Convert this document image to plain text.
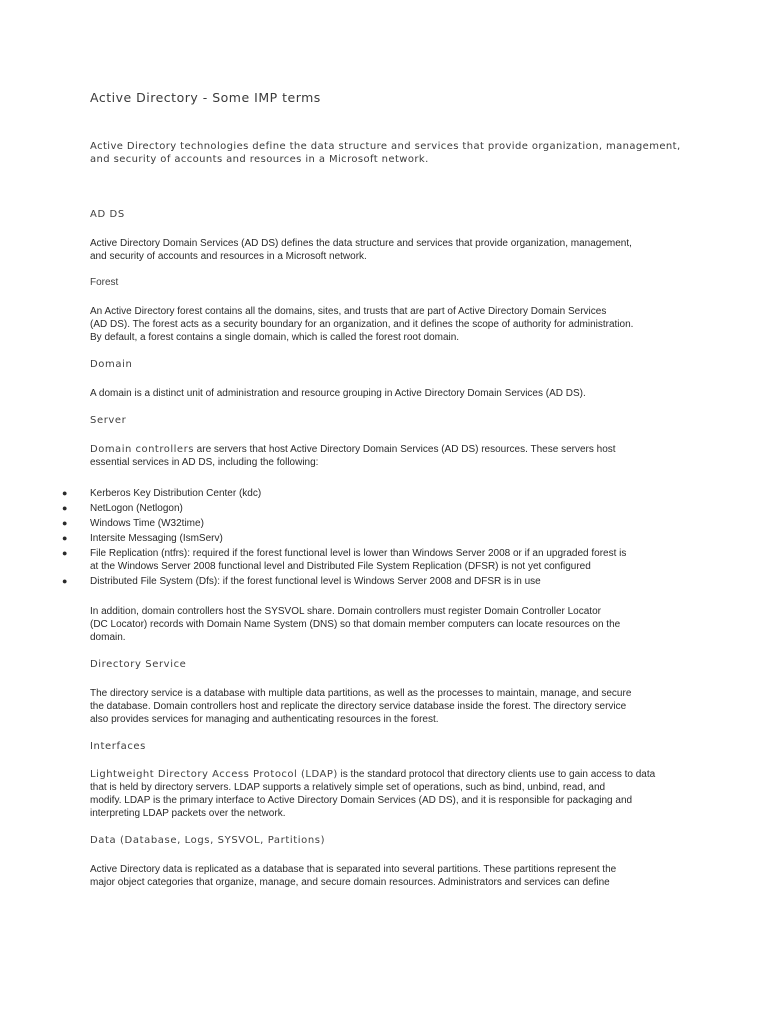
Active Directory - Some IMP terms
Active Directory technologies define the data structure and services that provide organization, management,
and security of accounts and resources in a Microsoft network.
AD DS
Active Directory Domain Services (AD DS) defines the data structure and services that provide organization, management,
and security of accounts and resources in a Microsoft network.
Forest
An Active Directory forest contains all the domains, sites, and trusts that are part of Active Directory Domain Services
(AD DS). The forest acts as a security boundary for an organization, and it defines the scope of authority for administration.
By default, a forest contains a single domain, which is called the forest root domain.
Domain
A domain is a distinct unit of administration and resource grouping in Active Directory Domain Services (AD DS).
Server
Domain controllers are servers that host Active Directory Domain Services (AD DS) resources. These servers host
essential services in AD DS, including the following:
● Kerberos Key Distribution Center (kdc)
● NetLogon (Netlogon)
● Windows Time (W32time)
● Intersite Messaging (IsmServ)
● File Replication (ntfrs): required if the forest functional level is lower than Windows Server 2008 or if an upgraded forest is
at the Windows Server 2008 functional level and Distributed File System Replication (DFSR) is not yet configured
● Distributed File System (Dfs): if the forest functional level is Windows Server 2008 and DFSR is in use
In addition, domain controllers host the SYSVOL share. Domain controllers must register Domain Controller Locator
(DC Locator) records with Domain Name System (DNS) so that domain member computers can locate resources on the
domain.
Directory Service
The directory service is a database with multiple data partitions, as well as the processes to maintain, manage, and secure
the database. Domain controllers host and replicate the directory service database inside the forest. The directory service
also provides services for managing and authenticating resources in the forest.
Interfaces
Lightweight Directory Access Protocol (LDAP) is the standard protocol that directory clients use to gain access to data
that is held by directory servers. LDAP supports a relatively simple set of operations, such as bind, unbind, read, and
modify. LDAP is the primary interface to Active Directory Domain Services (AD DS), and it is responsible for packaging and
interpreting LDAP packets over the network.
Data (Database, Logs, SYSVOL, Partitions)
Active Directory data is replicated as a database that is separated into several partitions. These partitions represent the
major object categories that organize, manage, and secure domain resources. Administrators and services can define
